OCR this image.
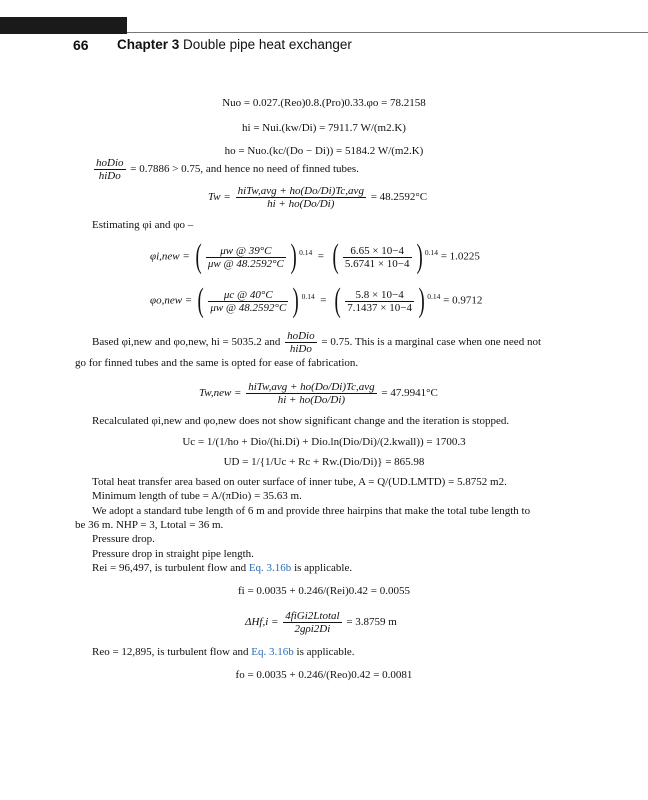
66 Chapter 3 Double pipe heat exchanger
Nuo = 0.027.(Reo)0.8.(Pro)0.33.φo = 78.2158
hi = Nui.(kw/Di) = 7911.7 W/(m2.K)
ho = Nuo.(kc/(Do − Di)) = 5184.2 W/(m2.K)
$\frac{\text{hoDio}}{\text{hiDo}} = 0.7886 > 0.75$, and hence no need of finned tubes.
$Tw = \frac{\text{hiTw,avg + ho(Do/Di)Tc,avg}}{hi + ho(Do/Di)} = 48.2592^\circ C$
Estimating φi and φo –
φi,new = ( $\frac{\mu w @ 39^\circ C}{\mu w @ 48.2592^\circ C}$ ) $^{0.14}$  =  ( $\frac{6.65 \times 10-4}{5.6741 \times 10-4}$ ) $^{0.14}$ = 1.0225
φo,new = ( $\frac{\mu c @ 40^\circ C}{\mu w @ 48.2592^\circ C}$ ) $^{0.14}$  =  ( $\frac{5.8 \times 10-4}{7.1437 \times 10-4}$ ) $^{0.14}$ = 0.9712
Based φi,new and φo,new, hi = 5035.2 and $\frac{\text{hoDio}}{\text{hiDo}} = 0.75$. This is a marginal case when one need not
go for finned tubes and the same is opted for ease of fabrication.
$Tw,new = \frac{\text{hiTw,avg + ho(Do/Di)Tc,avg}}{hi + ho(Do/Di)} = 47.9941^\circ C$
Recalculated φi,new and φo,new does not show significant change and the iteration is stopped.
Uc = 1/(1/ho + Dio/(hi.Di) + Dio.ln(Dio/Di)/(2.kwall)) = 1700.3
UD = 1/{1/Uc + Rc + Rw.(Dio/Di)} = 865.98
Total heat transfer area based on outer surface of inner tube, A = Q/(UD.LMTD) = 5.8752 m2.
Minimum length of tube = A/(πDio) = 35.63 m.
We adopt a standard tube length of 6 m and provide three hairpins that make the total tube length to
be 36 m. NHP = 3, Ltotal = 36 m.
Pressure drop.
Pressure drop in straight pipe length.
Rei = 96,497, is turbulent flow and Eq. 3.16b is applicable.
fi = 0.0035 + 0.246/(Rei)0.42 = 0.0055
$\Delta Hf,i = \frac{\text{4fiGi2Ltotal}}{\text{2gρi2Di}} = 3.8759$ m
Reo = 12,895, is turbulent flow and Eq. 3.16b is applicable.
fo = 0.0035 + 0.246/(Reo)0.42 = 0.0081
